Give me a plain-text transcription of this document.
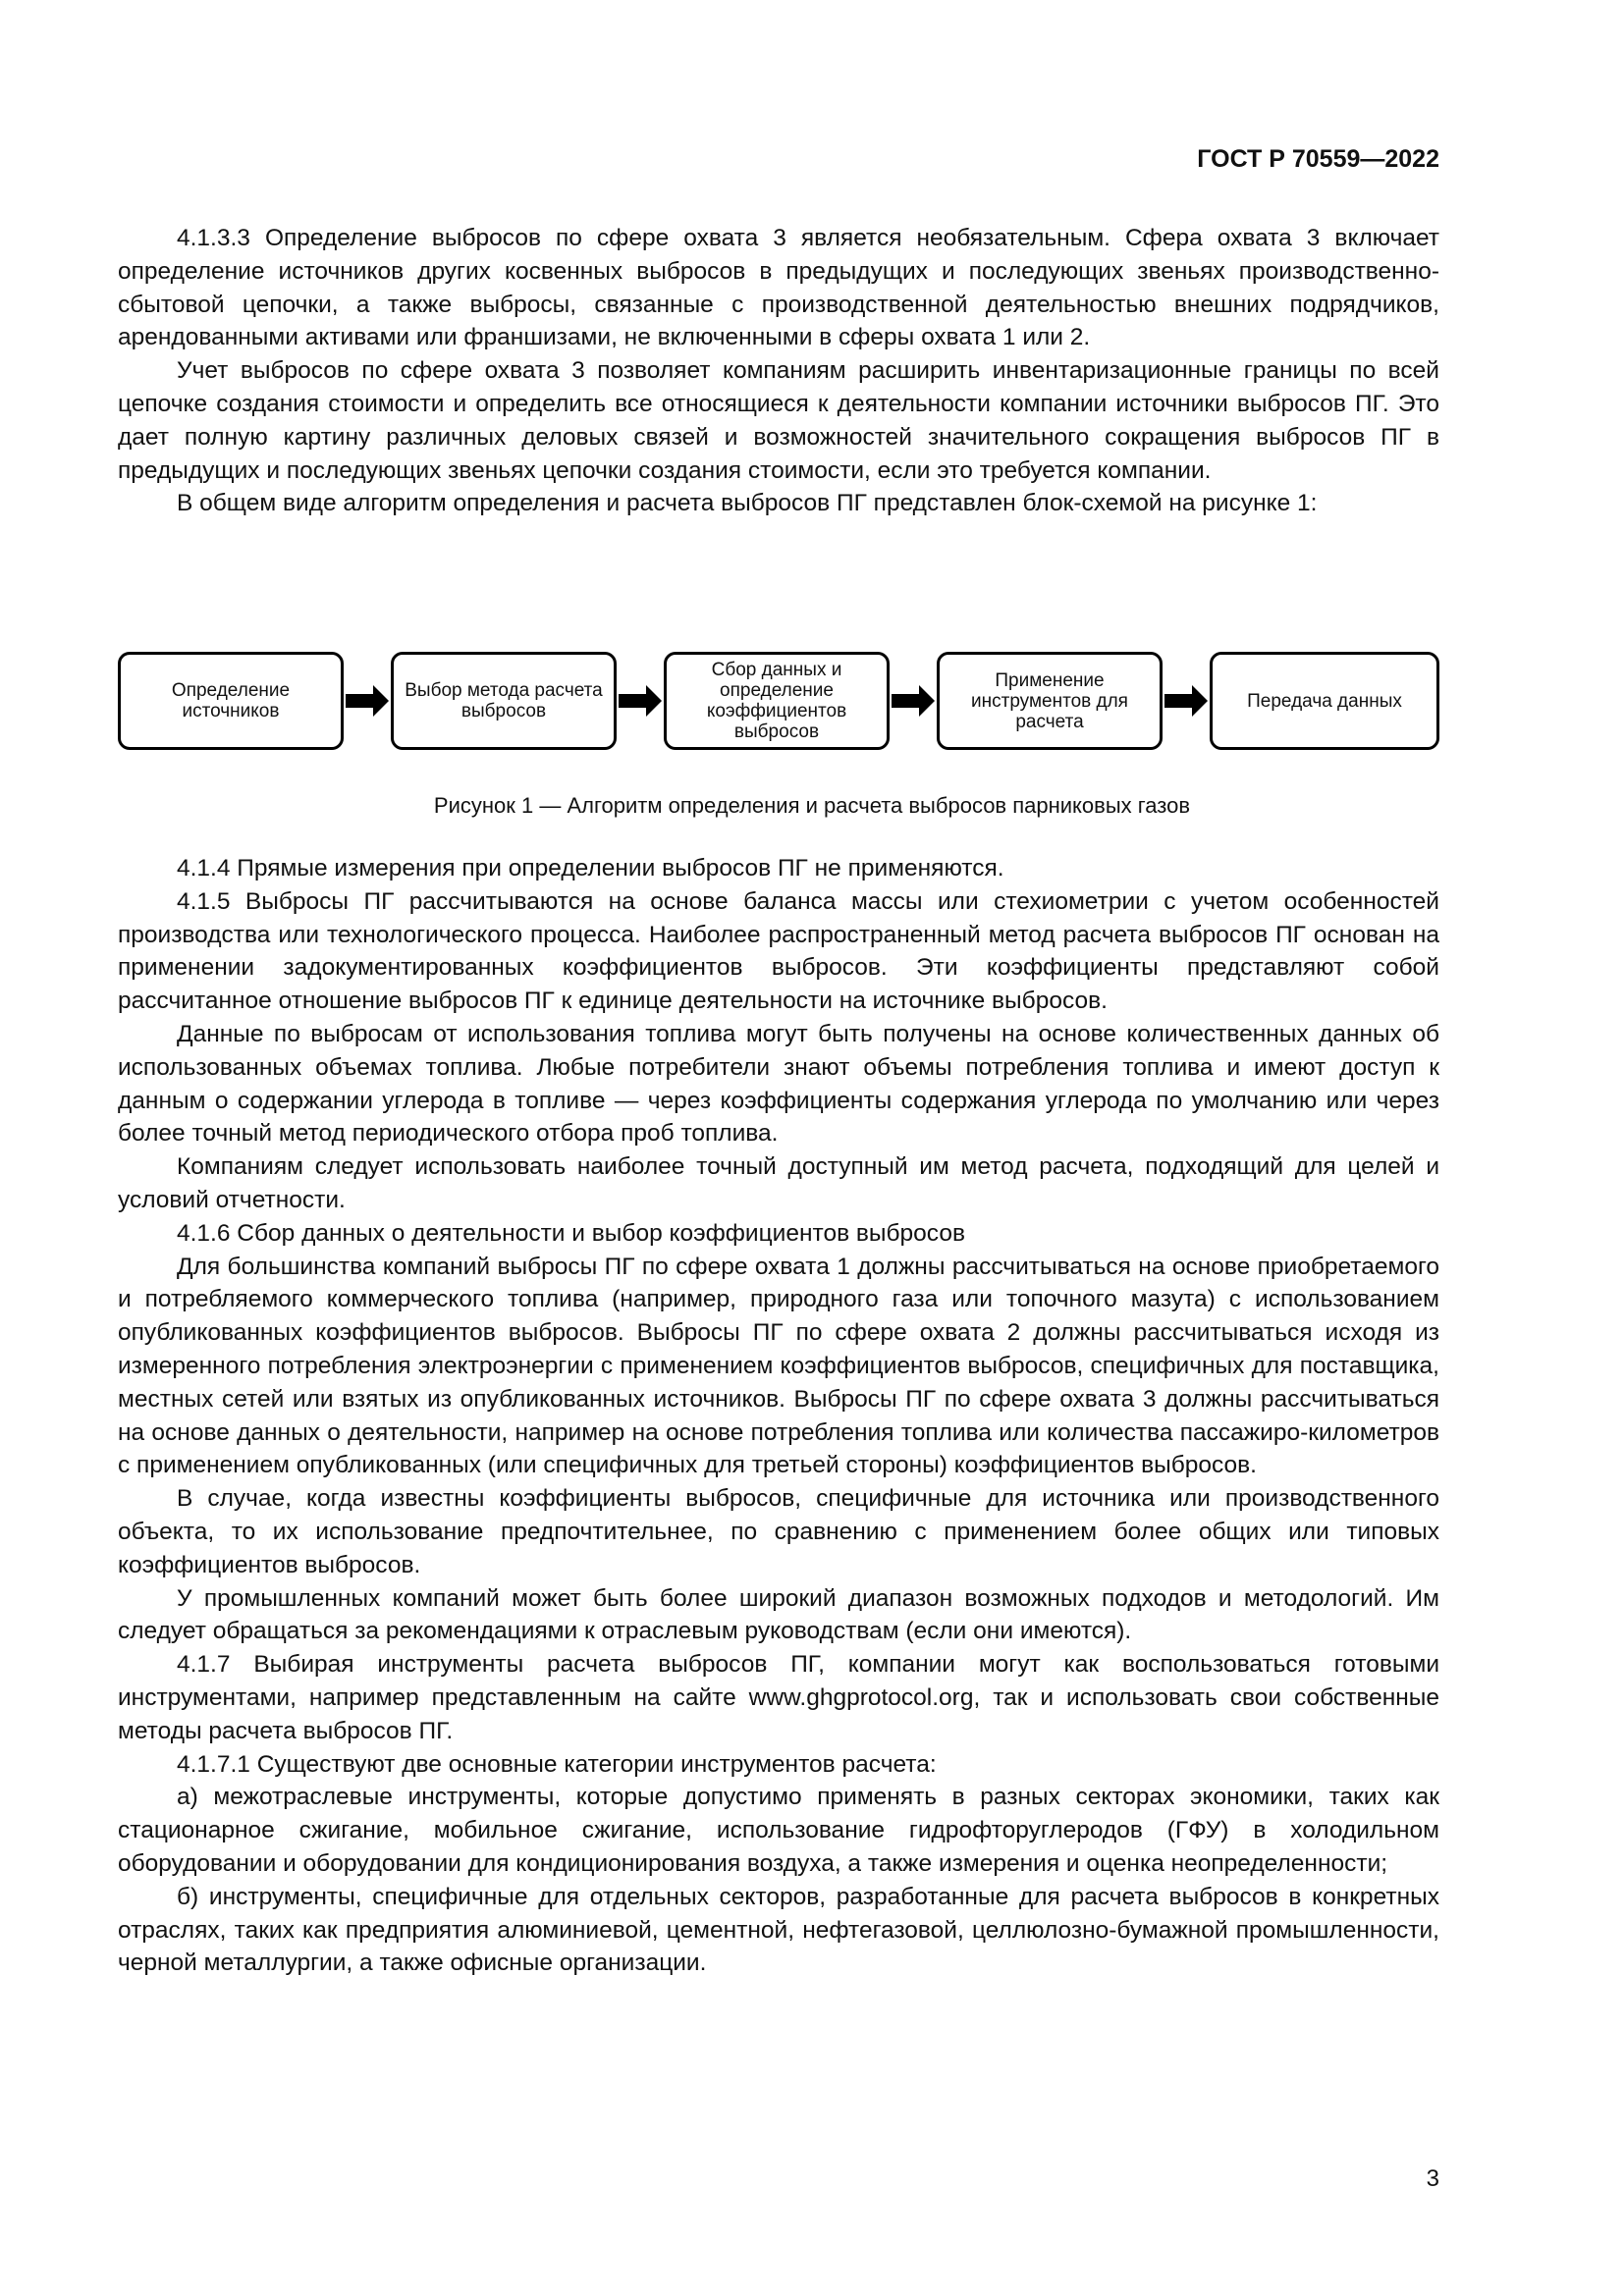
ГОСТ Р 70559—2022

4.1.3.3 Определение выбросов по сфере охвата 3 является необязательным. Сфера охвата 3 включает определение источников других косвенных выбросов в предыдущих и последующих звеньях производственно-сбытовой цепочки, а также выбросы, связанные с производственной деятельностью внешних подрядчиков, арендованными активами или франшизами, не включенными в сферы охвата 1 или 2.

Учет выбросов по сфере охвата 3 позволяет компаниям расширить инвентаризационные границы по всей цепочке создания стоимости и определить все относящиеся к деятельности компании источники выбросов ПГ. Это дает полную картину различных деловых связей и возможностей значительного сокращения выбросов ПГ в предыдущих и последующих звеньях цепочки создания стоимости, если это требуется компании.

В общем виде алгоритм определения и расчета выбросов ПГ представлен блок-схемой на рисунке 1:

Определение источников
Выбор метода расчета выбросов
Сбор данных и определение коэффициентов выбросов
Применение инструментов для расчета
Передача данных
Рисунок 1 — Алгоритм определения и расчета выбросов парниковых газов

4.1.4 Прямые измерения при определении выбросов ПГ не применяются.

4.1.5 Выбросы ПГ рассчитываются на основе баланса массы или стехиометрии с учетом особенностей производства или технологического процесса. Наиболее распространенный метод расчета выбросов ПГ основан на применении задокументированных коэффициентов выбросов. Эти коэффициенты представляют собой рассчитанное отношение выбросов ПГ к единице деятельности на источнике выбросов.

Данные по выбросам от использования топлива могут быть получены на основе количественных данных об использованных объемах топлива. Любые потребители знают объемы потребления топлива и имеют доступ к данным о содержании углерода в топливе — через коэффициенты содержания углерода по умолчанию или через более точный метод периодического отбора проб топлива.

Компаниям следует использовать наиболее точный доступный им метод расчета, подходящий для целей и условий отчетности.

4.1.6 Сбор данных о деятельности и выбор коэффициентов выбросов

Для большинства компаний выбросы ПГ по сфере охвата 1 должны рассчитываться на основе приобретаемого и потребляемого коммерческого топлива (например, природного газа или топочного мазута) с использованием опубликованных коэффициентов выбросов. Выбросы ПГ по сфере охвата 2 должны рассчитываться исходя из измеренного потребления электроэнергии с применением коэффициентов выбросов, специфичных для поставщика, местных сетей или взятых из опубликованных источников. Выбросы ПГ по сфере охвата 3 должны рассчитываться на основе данных о деятельности, например на основе потребления топлива или количества пассажиро-километров с применением опубликованных (или специфичных для третьей стороны) коэффициентов выбросов.

В случае, когда известны коэффициенты выбросов, специфичные для источника или производственного объекта, то их использование предпочтительнее, по сравнению с применением более общих или типовых коэффициентов выбросов.

У промышленных компаний может быть более широкий диапазон возможных подходов и методологий. Им следует обращаться за рекомендациями к отраслевым руководствам (если они имеются).

4.1.7 Выбирая инструменты расчета выбросов ПГ, компании могут как воспользоваться готовыми инструментами, например представленным на сайте www.ghgprotocol.org, так и использовать свои собственные методы расчета выбросов ПГ.

4.1.7.1 Существуют две основные категории инструментов расчета:

а) межотраслевые инструменты, которые допустимо применять в разных секторах экономики, таких как стационарное сжигание, мобильное сжигание, использование гидрофторуглеродов (ГФУ) в холодильном оборудовании и оборудовании для кондиционирования воздуха, а также измерения и оценка неопределенности;

б) инструменты, специфичные для отдельных секторов, разработанные для расчета выбросов в конкретных отраслях, таких как предприятия алюминиевой, цементной, нефтегазовой, целлюлозно-бумажной промышленности, черной металлургии, а также офисные организации.

3
